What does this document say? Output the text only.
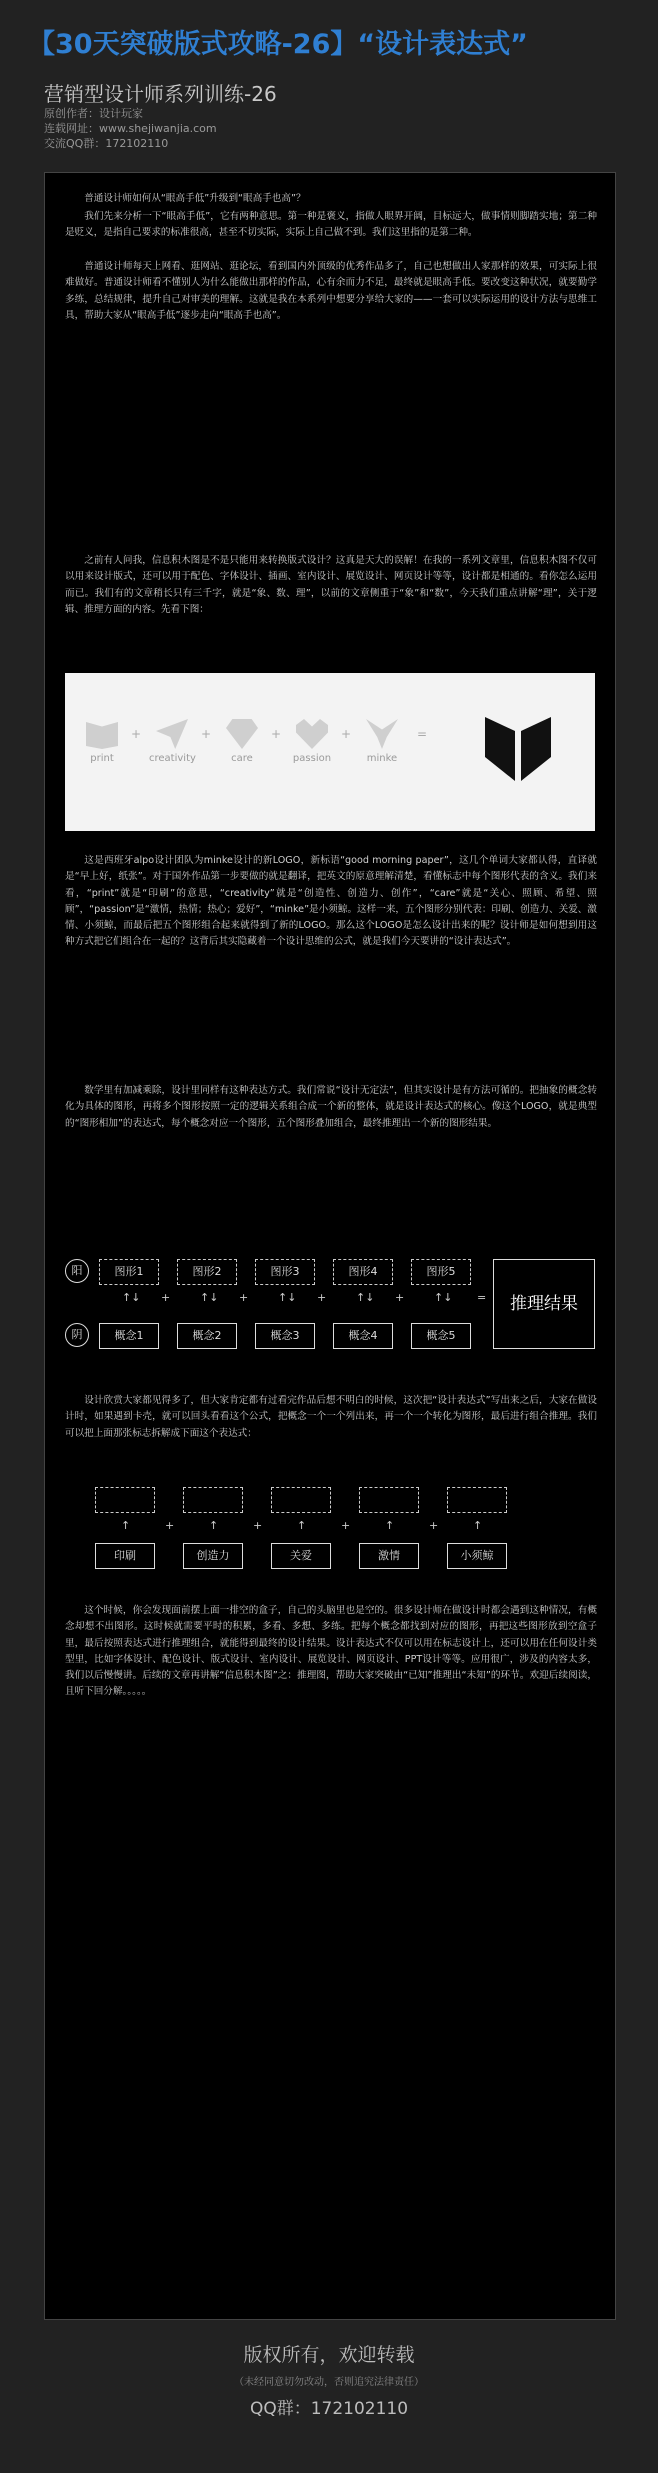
【30天突破版式攻略-26】“设计表达式”
营销型设计师系列训练-26
原创作者：设计玩家
连载网址：www.shejiwanjia.com
交流QQ群：172102110

普通设计师如何从“眼高手低”升级到“眼高手也高”？

我们先来分析一下“眼高手低”，它有两种意思。第一种是褒义，指做人眼界开阔，目标远大，做事情则脚踏实地；第二种是贬义，是指自己要求的标准很高，甚至不切实际，实际上自己做不到。我们这里指的是第二种。

普通设计师每天上网看、逛网站、逛论坛，看到国内外顶级的优秀作品多了，自己也想做出人家那样的效果，可实际上很难做好。普通设计师看不懂别人为什么能做出那样的作品，心有余而力不足，最终就是眼高手低。要改变这种状况，就要勤学多练，总结规律，提升自己对审美的理解。这就是我在本系列中想要分享给大家的——一套可以实际运用的设计方法与思维工具，帮助大家从“眼高手低”逐步走向“眼高手也高”。

之前有人问我，信息积木图是不是只能用来转换版式设计？这真是天大的误解！在我的一系列文章里，信息积木图不仅可以用来设计版式，还可以用于配色、字体设计、插画、室内设计、展览设计、网页设计等等，设计都是相通的。看你怎么运用而已。我们有的文章稍长只有三千字，就是“象、数、理”，以前的文章侧重于“象”和“数”，今天我们重点讲解“理”，关于逻辑、推理方面的内容。先看下图：

print
+
creativity
+
care
+
passion
+
minke
=

这是西班牙alpo设计团队为minke设计的新LOGO，新标语“good morning paper”，这几个单词大家都认得，直译就是“早上好，纸张”。对于国外作品第一步要做的就是翻译，把英文的原意理解清楚，看懂标志中每个图形代表的含义。我们来看，“print”就是“印刷”的意思，“creativity”就是“创造性、创造力、创作”，“care”就是“关心、照顾、希望、照顾”，“passion”是“激情，热情；热心；爱好”，“minke”是小须鲸。这样一来，五个图形分别代表：印刷、创造力、关爱、激情、小须鲸，而最后把五个图形组合起来就得到了新的LOGO。那么这个LOGO是怎么设计出来的呢？设计师是如何想到用这种方式把它们组合在一起的？这背后其实隐藏着一个设计思维的公式，就是我们今天要讲的“设计表达式”。

数学里有加减乘除，设计里同样有这种表达方式。我们常说“设计无定法”，但其实设计是有方法可循的。把抽象的概念转化为具体的图形，再将多个图形按照一定的逻辑关系组合成一个新的整体，就是设计表达式的核心。像这个LOGO，就是典型的“图形相加”的表达式，每个概念对应一个图形，五个图形叠加组合，最终推理出一个新的图形结果。

阳
阴
图形1	图形2	图形3	图形4	图形5
↑↓	↑↓	↑↓	↑↓	↑↓
+	+	+	+	=
概念1	概念2	概念3	概念4	概念5
推理结果

设计欣赏大家都见得多了，但大家肯定都有过看完作品后想不明白的时候，这次把“设计表达式”写出来之后，大家在做设计时，如果遇到卡壳，就可以回头看看这个公式，把概念一个一个列出来，再一个一个转化为图形，最后进行组合推理。我们可以把上面那张标志拆解成下面这个表达式：

↑	↑	↑	↑	↑
+	+	+	+
印刷	创造力	关爱	激情	小须鲸

这个时候，你会发现面前摆上面一排空的盒子，自己的头脑里也是空的。很多设计师在做设计时都会遇到这种情况，有概念却想不出图形。这时候就需要平时的积累，多看、多想、多练。把每个概念都找到对应的图形，再把这些图形放到空盒子里，最后按照表达式进行推理组合，就能得到最终的设计结果。设计表达式不仅可以用在标志设计上，还可以用在任何设计类型里，比如字体设计、配色设计、版式设计、室内设计、展览设计、网页设计、PPT设计等等。应用很广，涉及的内容太多，我们以后慢慢讲。后续的文章再讲解“信息积木图”之：推理图，帮助大家突破由“已知”推理出“未知”的环节。欢迎后续阅读，且听下回分解。。。。。

版权所有，欢迎转载
（未经同意切勿改动，否则追究法律责任）
QQ群：172102110
